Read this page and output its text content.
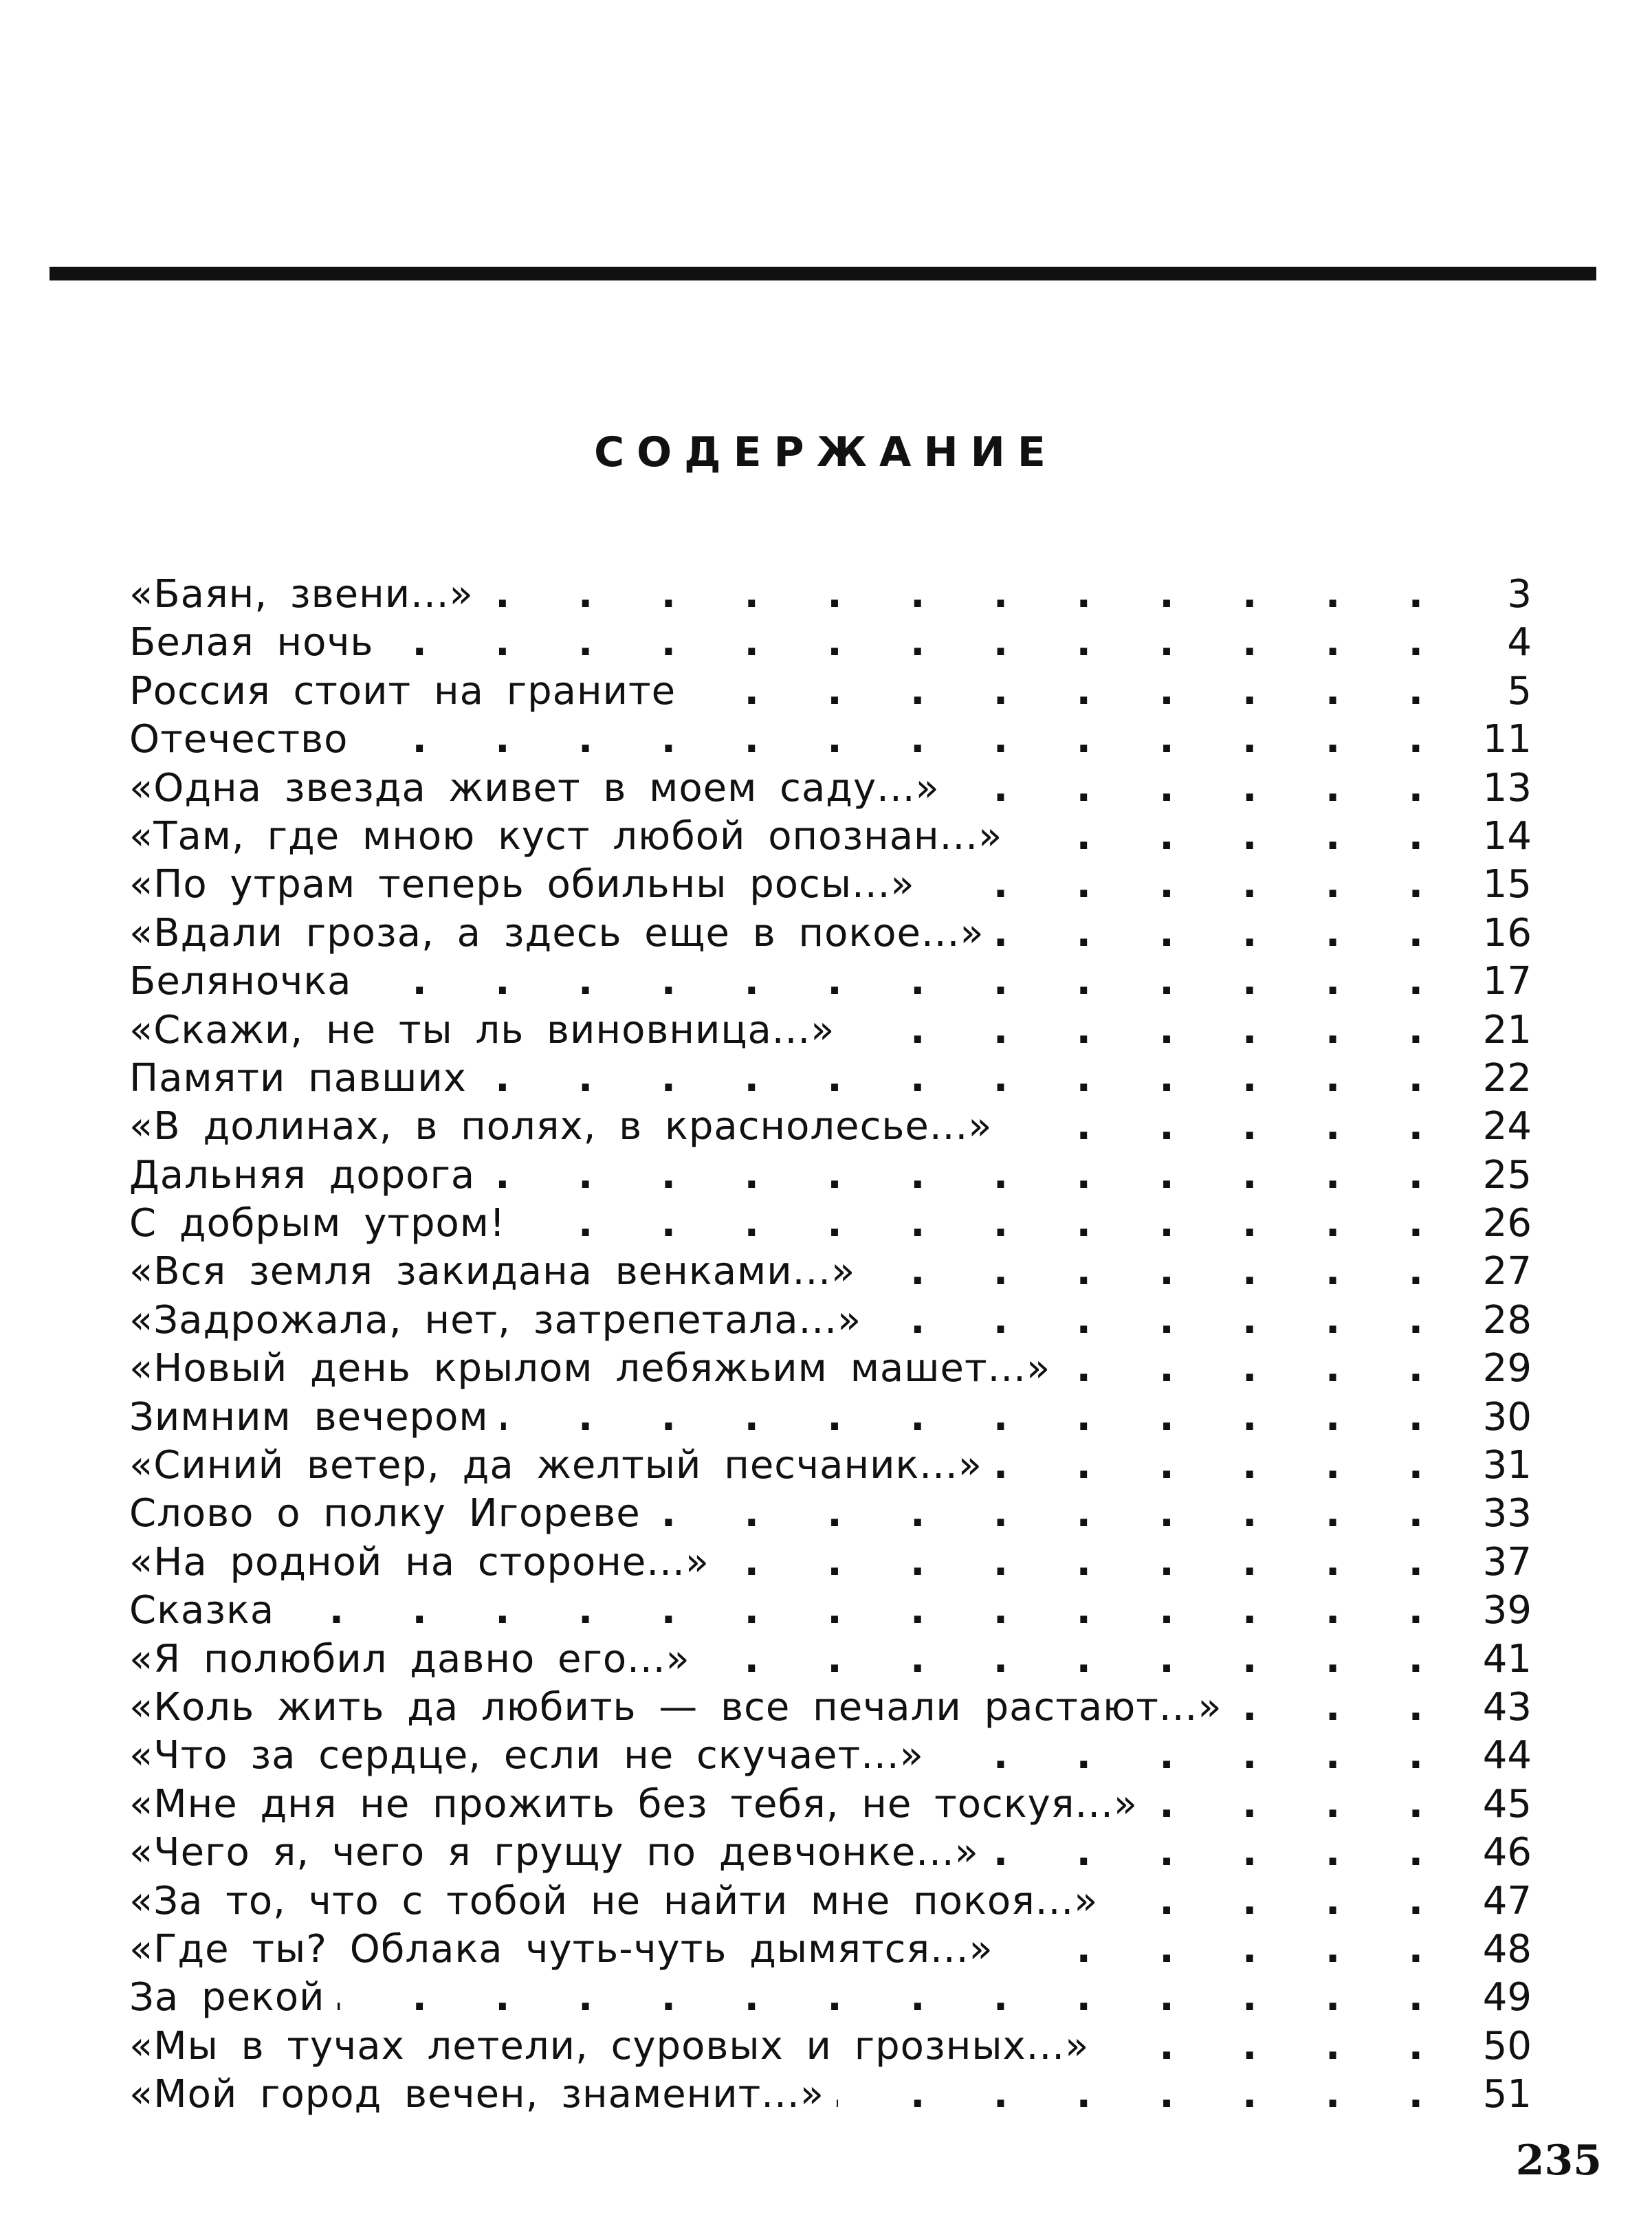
СОДЕРЖАНИЕ
«Баян, звени...» . . .	3
Белая ночь . . .	4
Россия стоит на граните . . .	5
Отечество . . .	11
«Одна звезда живет в моем саду...» . . .	13
«Там, где мною куст любой опознан...» . . .	14
«По утрам теперь обильны росы...» . . .	15
«Вдали гроза, а здесь еще в покое...» . . .	16
Беляночка . . .	17
«Скажи, не ты ль виновница...» . . .	21
Памяти павших . . .	22
«В долинах, в полях, в краснолесье...» . . .	24
Дальняя дорога . . .	25
С добрым утром! . . .	26
«Вся земля закидана венками...» . . .	27
«Задрожала, нет, затрепетала...» . . .	28
«Новый день крылом лебяжьим машет...» . . .	29
Зимним вечером . . .	30
«Синий ветер, да желтый песчаник...» . . .	31
Слово о полку Игореве . . .	33
«На родной на стороне...» . . .	37
Сказка . . .	39
«Я полюбил давно его...» . . .	41
«Коль жить да любить — все печали растают...» . . .	43
«Что за сердце, если не скучает...» . . .	44
«Мне дня не прожить без тебя, не тоскуя...» . . .	45
«Чего я, чего я грущу по девчонке...» . . .	46
«За то, что с тобой не найти мне покоя...» . . .	47
«Где ты? Облака чуть-чуть дымятся...» . . .	48
За рекой . . .	49
«Мы в тучах летели, суровых и грозных...» . . .	50
«Мой город вечен, знаменит...» . . .	51
235
